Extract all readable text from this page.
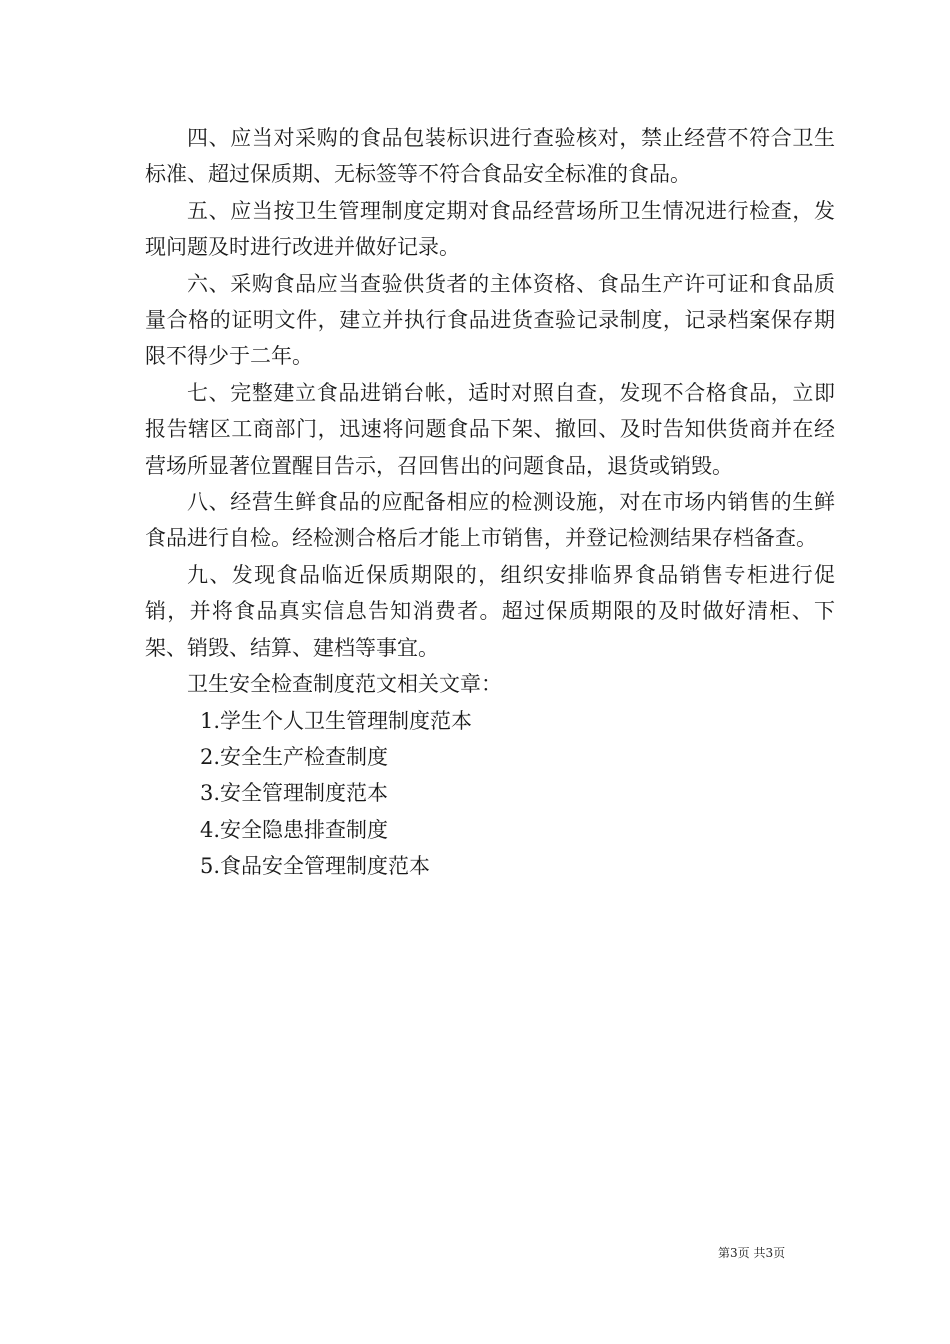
四、应当对采购的食品包装标识进行查验核对，禁止经营不符合卫生标准、超过保质期、无标签等不符合食品安全标准的食品。

五、应当按卫生管理制度定期对食品经营场所卫生情况进行检查，发现问题及时进行改进并做好记录。

六、采购食品应当查验供货者的主体资格、食品生产许可证和食品质量合格的证明文件，建立并执行食品进货查验记录制度，记录档案保存期限不得少于二年。

七、完整建立食品进销台帐，适时对照自查，发现不合格食品，立即报告辖区工商部门，迅速将问题食品下架、撤回、及时告知供货商并在经营场所显著位置醒目告示，召回售出的问题食品，退货或销毁。

八、经营生鲜食品的应配备相应的检测设施，对在市场内销售的生鲜食品进行自检。经检测合格后才能上市销售，并登记检测结果存档备查。

九、发现食品临近保质期限的，组织安排临界食品销售专柜进行促销，并将食品真实信息告知消费者。超过保质期限的及时做好清柜、下架、销毁、结算、建档等事宜。

卫生安全检查制度范文相关文章：

1.学生个人卫生管理制度范本
2.安全生产检查制度
3.安全管理制度范本
4.安全隐患排查制度
5.食品安全管理制度范本
第3页 共3页
